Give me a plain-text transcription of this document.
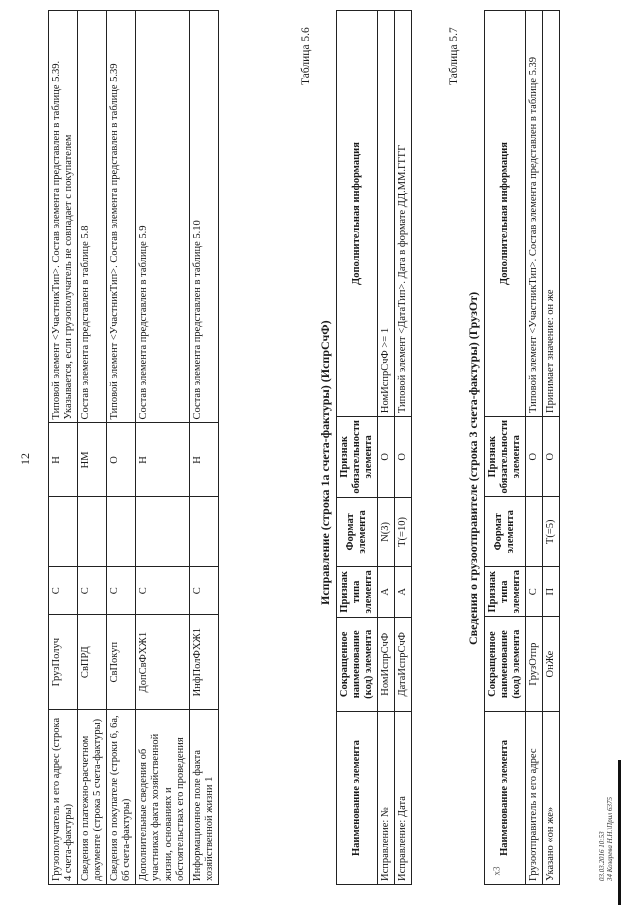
12
Грузополучатель и его адрес (строка 4 счета-фактуры)	ГрузПолуч	С		Н	Типовой элемент <УчастникТип>. Состав элемента представлен в таблице 5.39. Указывается, если грузополучатель не совпадает с покупателем
Сведения о платежно-расчетном документе (строка 5 счета-фактуры)	СвПРД	С		НМ	Состав элемента представлен в таблице 5.8
Сведения о покупателе (строки 6, 6а, 6б счета-фактуры)	СвПокуп	С		О	Типовой элемент <УчастникТип>. Состав элемента представлен в таблице 5.39
Дополнительные сведения об участниках факта хозяйственной жизни, основаниях и обстоятельствах его проведения	ДопСвФХЖ1	С		Н	Состав элемента представлен в таблице 5.9
Информационное поле факта хозяйственной жизни 1	ИнфПолФХЖ1	С		Н	Состав элемента представлен в таблице 5.10
Таблица 5.6
Исправление (строка 1а счета-фактуры) (ИспрСчФ)
Наименование элемента	Сокращенное наименование (код) элемента	Признак типа элемента	Формат элемента	Признак обязательности элемента	Дополнительная информация
Исправление: №	НомИспрСчФ	А	N(3)	О	НомИспрСчФ >= 1
Исправление: Дата	ДатаИспрСчФ	А	Т(=10)	О	Типовой элемент <ДатаТип>. Дата в формате ДД.ММ.ГГГГ
Таблица 5.7
Сведения о грузоотправителе (строка 3 счета-фактуры) (ГрузОт)
Наименование элемента	Сокращенное наименование (код) элемента	Признак типа элемента	Формат элемента	Признак обязательности элемента	Дополнительная информация
Грузоотправитель и его адрес	ГрузОтпр	С		О	Типовой элемент <УчастникТип>. Состав элемента представлен в таблице 5.39
Указано «он же»	ОнЖе	П	Т(=5)	О	Принимает значение: он же
03.03.2016 10:53 34 Козарева Н.Н.\Прил 6375
x3
